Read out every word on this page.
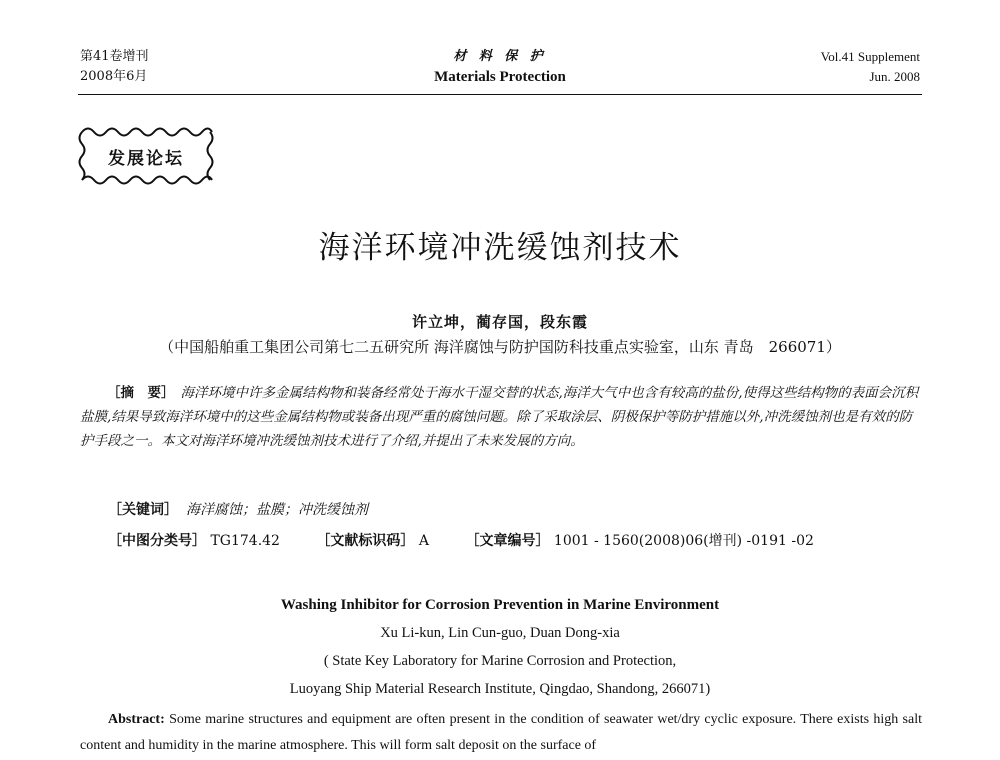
第41卷增刊
2008年6月
材 料 保 护
Materials Protection
Vol.41 Supplement
Jun. 2008
发展论坛
海洋环境冲洗缓蚀剂技术
许立坤，蔺存国，段东霞
（中国船舶重工集团公司第七二五研究所 海洋腐蚀与防护国防科技重点实验室，山东 青岛　266071）
［摘　要］ 海洋环境中许多金属结构物和装备经常处于海水干湿交替的状态,海洋大气中也含有较高的盐份,使得这些结构物的表面会沉积盐膜,结果导致海洋环境中的这些金属结构物或装备出现严重的腐蚀问题。除了采取涂层、阴极保护等防护措施以外,冲洗缓蚀剂也是有效的防护手段之一。本文对海洋环境冲洗缓蚀剂技术进行了介绍,并提出了未来发展的方向。
［关键词］ 海洋腐蚀；盐膜；冲洗缓蚀剂
［中图分类号］ TG174.42	［文献标识码］ A	［文章编号］ 1001 - 1560(2008)06(增刊) -0191 -02
Washing Inhibitor for Corrosion Prevention in Marine Environment
Xu Li-kun, Lin Cun-guo, Duan Dong-xia
( State Key Laboratory for Marine Corrosion and Protection,
Luoyang Ship Material Research Institute, Qingdao, Shandong, 266071)
Abstract: Some marine structures and equipment are often present in the condition of seawater wet/dry cyclic exposure. There exists high salt content and humidity in the marine atmosphere. This will form salt deposit on the surface of
